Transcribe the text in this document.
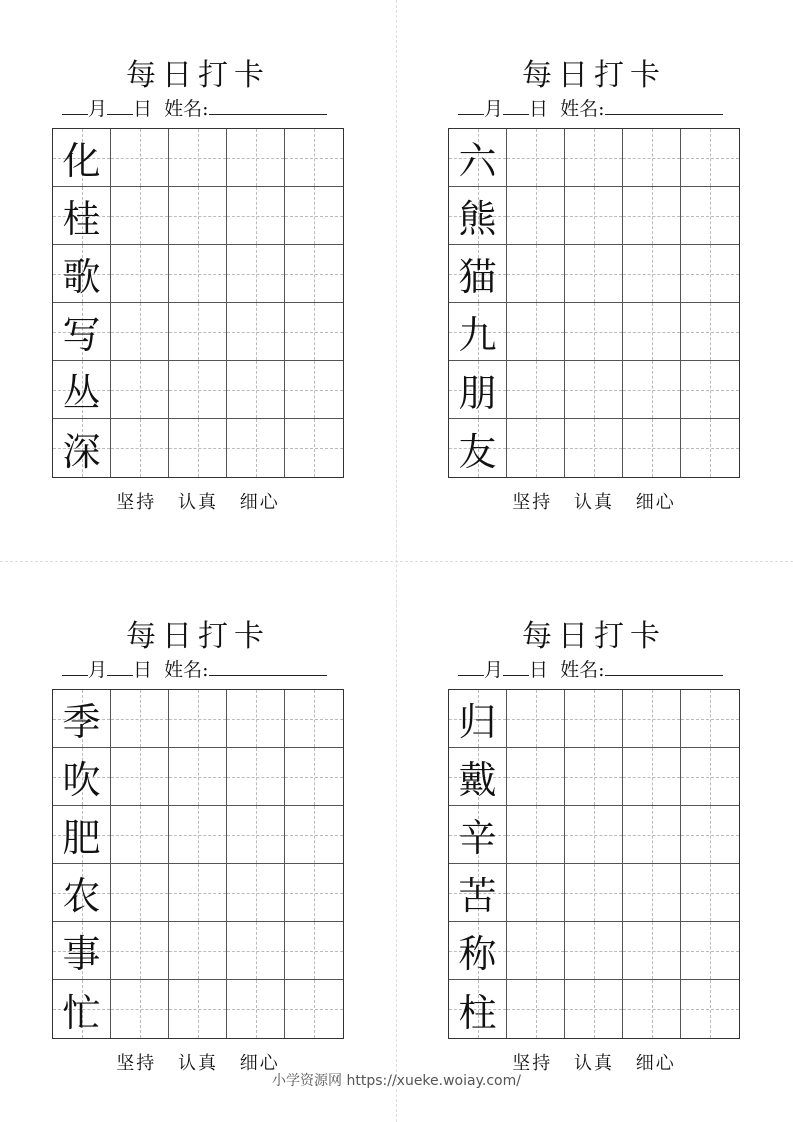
每日打卡
月 日 姓名:
化
桂
歌
写
丛
深
坚持 认真 细心
每日打卡
月 日 姓名:
六
熊
猫
九
朋
友
坚持 认真 细心
每日打卡
月 日 姓名:
季
吹
肥
农
事
忙
坚持 认真 细心
每日打卡
月 日 姓名:
归
戴
辛
苦
称
柱
坚持 认真 细心
小学资源网 https://xueke.woiay.com/
